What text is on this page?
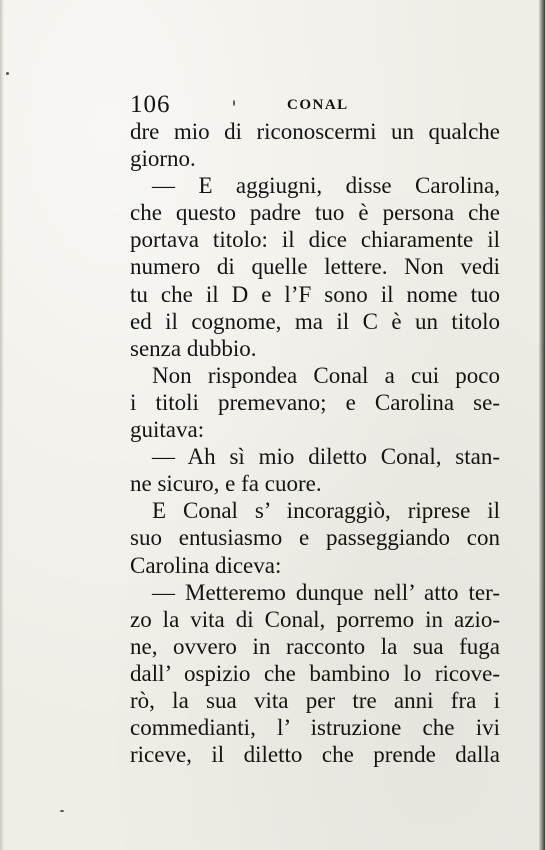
106	CONAL
dre mio di riconoscermi un qualche
giorno.
— E aggiugni, disse Carolina,
che questo padre tuo è persona che
portava titolo: il dice chiaramente il
numero di quelle lettere. Non vedi
tu che il D e l’F sono il nome tuo
ed il cognome, ma il C è un titolo
senza dubbio.
Non rispondea Conal a cui poco
i titoli premevano; e Carolina se-
guitava:
— Ah sì mio diletto Conal, stan-
ne sicuro, e fa cuore.
E Conal s’ incoraggiò, riprese il
suo entusiasmo e passeggiando con
Carolina diceva:
— Metteremo dunque nell’ atto ter-
zo la vita di Conal, porremo in azio-
ne, ovvero in racconto la sua fuga
dall’ ospizio che bambino lo ricove-
rò, la sua vita per tre anni fra i
commedianti, l’ istruzione che ivi
riceve, il diletto che prende dalla
